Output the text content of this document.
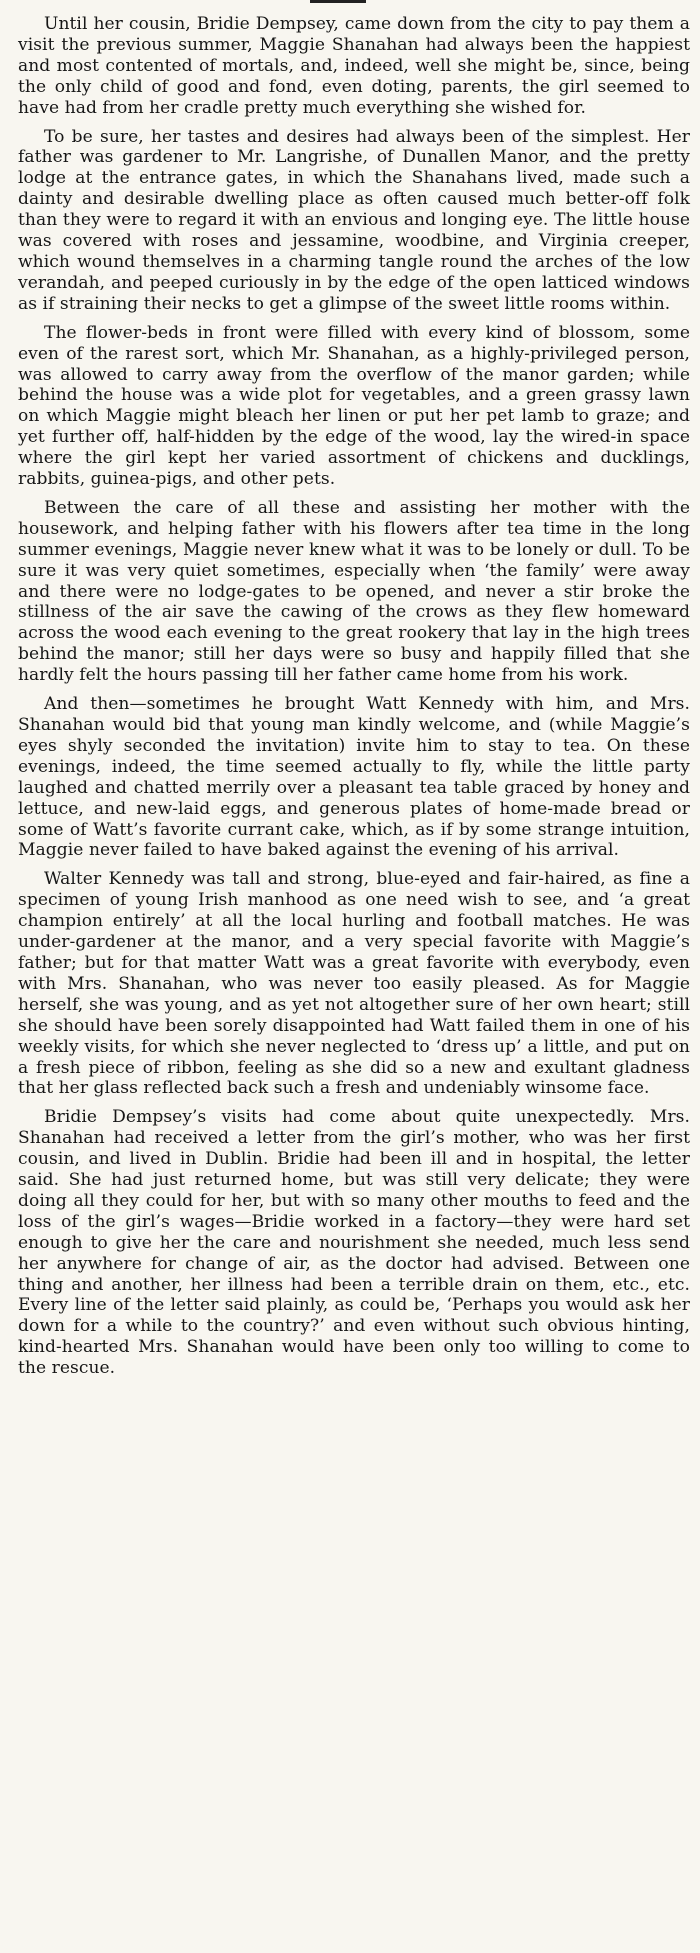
Until her cousin, Bridie Dempsey, came down from the city to pay them a visit the previous summer, Maggie Shanahan had always been the happiest and most contented of mortals, and, indeed, well she might be, since, being the only child of good and fond, even doting, parents, the girl seemed to have had from her cradle pretty much everything she wished for.

To be sure, her tastes and desires had always been of the simplest. Her father was gardener to Mr. Langrishe, of Dunallen Manor, and the pretty lodge at the entrance gates, in which the Shanahans lived, made such a dainty and desirable dwelling place as often caused much better-off folk than they were to regard it with an envious and longing eye. The little house was covered with roses and jessamine, woodbine, and Virginia creeper, which wound themselves in a charming tangle round the arches of the low verandah, and peeped curiously in by the edge of the open latticed windows as if straining their necks to get a glimpse of the sweet little rooms within.

The flower-beds in front were filled with every kind of blossom, some even of the rarest sort, which Mr. Shanahan, as a highly-privileged person, was allowed to carry away from the overflow of the manor garden; while behind the house was a wide plot for vegetables, and a green grassy lawn on which Maggie might bleach her linen or put her pet lamb to graze; and yet further off, half-hidden by the edge of the wood, lay the wired-in space where the girl kept her varied assortment of chickens and ducklings, rabbits, guinea-pigs, and other pets.

Between the care of all these and assisting her mother with the housework, and helping father with his flowers after tea time in the long summer evenings, Maggie never knew what it was to be lonely or dull. To be sure it was very quiet sometimes, especially when ‘the family’ were away and there were no lodge-gates to be opened, and never a stir broke the stillness of the air save the cawing of the crows as they flew homeward across the wood each evening to the great rookery that lay in the high trees behind the manor; still her days were so busy and happily filled that she hardly felt the hours passing till her father came home from his work.

And then—sometimes he brought Watt Kennedy with him, and Mrs. Shanahan would bid that young man kindly welcome, and (while Maggie’s eyes shyly seconded the invitation) invite him to stay to tea. On these evenings, indeed, the time seemed actually to fly, while the little party laughed and chatted merrily over a pleasant tea table graced by honey and lettuce, and new-laid eggs, and generous plates of home-made bread or some of Watt’s favorite currant cake, which, as if by some strange intuition, Maggie never failed to have baked against the evening of his arrival.

Walter Kennedy was tall and strong, blue-eyed and fair-haired, as fine a specimen of young Irish manhood as one need wish to see, and ‘a great champion entirely’ at all the local hurling and football matches. He was under-gardener at the manor, and a very special favorite with Maggie’s father; but for that matter Watt was a great favorite with everybody, even with Mrs. Shanahan, who was never too easily pleased. As for Maggie herself, she was young, and as yet not altogether sure of her own heart; still she should have been sorely disappointed had Watt failed them in one of his weekly visits, for which she never neglected to ‘dress up’ a little, and put on a fresh piece of ribbon, feeling as she did so a new and exultant gladness that her glass reflected back such a fresh and undeniably winsome face.

Bridie Dempsey’s visits had come about quite unexpectedly. Mrs. Shanahan had received a letter from the girl’s mother, who was her first cousin, and lived in Dublin. Bridie had been ill and in hospital, the letter said. She had just returned home, but was still very delicate; they were doing all they could for her, but with so many other mouths to feed and the loss of the girl’s wages—Bridie worked in a factory—they were hard set enough to give her the care and nourishment she needed, much less send her anywhere for change of air, as the doctor had advised. Between one thing and another, her illness had been a terrible drain on them, etc., etc. Every line of the letter said plainly, as could be, ‘Perhaps you would ask her down for a while to the country?’ and even without such obvious hinting, kind-hearted Mrs. Shanahan would have been only too willing to come to the rescue.
